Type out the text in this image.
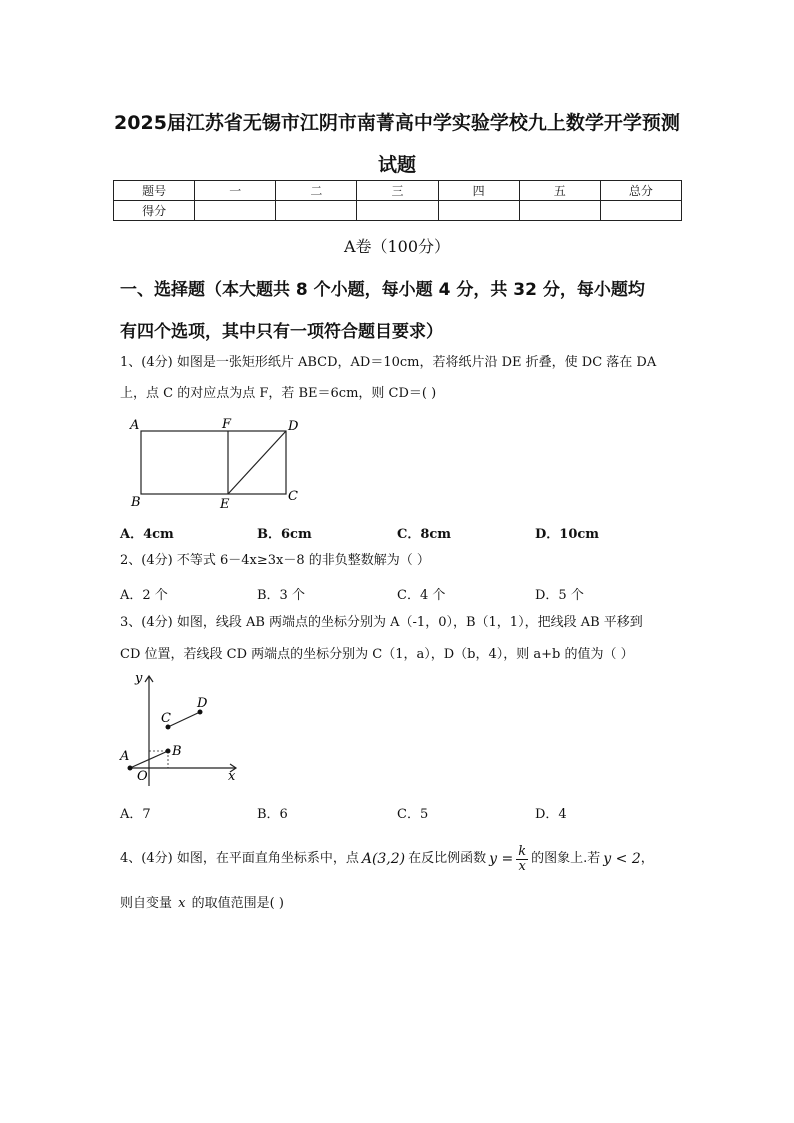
2025届江苏省无锡市江阴市南菁高中学实验学校九上数学开学预测
试题
题号	一	二	三	四	五	总分
得分						
A卷（100分）
一、选择题（本大题共 8 个小题，每小题 4 分，共 32 分，每小题均
有四个选项，其中只有一项符合题目要求）
1、(4分) 如图是一张矩形纸片 ABCD，AD＝10cm，若将纸片沿 DE 折叠，使 DC 落在 DA
上，点 C 的对应点为点 F，若 BE＝6cm，则 CD＝( )
A	F	D
B	E
C
A．4cm	B．6cm	C．8cm	D．10cm
2、(4分) 不等式 6－4x≥3x－8 的非负整数解为（ ）
A．2 个	B．3 个	C．4 个	D．5 个
3、(4分) 如图，线段 AB 两端点的坐标分别为 A（-1，0），B（1，1），把线段 AB 平移到
CD 位置，若线段 CD 两端点的坐标分别为 C（1，a），D（b，4），则 a+b 的值为（ ）
y
C
D
A	B
O	x
A．7	B．6	C．5	D．4
4、(4分) 如图，在平面直角坐标系中，点 A(3,2) 在反比例函数 $y = \frac{k}{x}$ 的图象上.若 y < 2 ，
则自变量 x 的取值范围是( )
